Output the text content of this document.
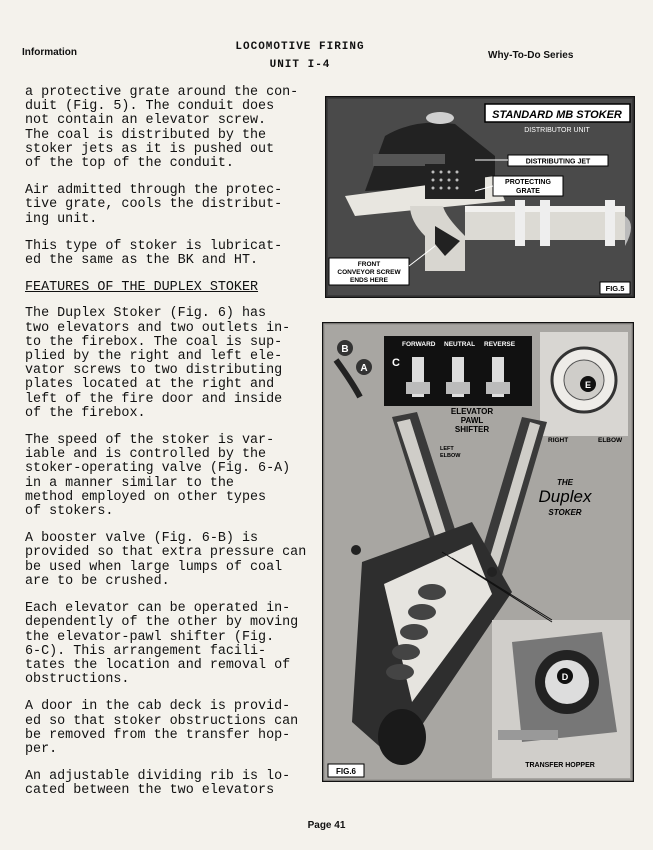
Information	LOCOMOTIVE FIRING
UNIT I-4
Why-To-Do Series

a protective grate around the con-
duit (Fig. 5). The conduit does
not contain an elevator screw.
The coal is distributed by the
stoker jets as it is pushed out
of the top of the conduit.

Air admitted through the protec-
tive grate, cools the distribut-
ing unit.

This type of stoker is lubricat-
ed the same as the BK and HT.

FEATURES OF THE DUPLEX STOKER

The Duplex Stoker (Fig. 6) has
two elevators and two outlets in-
to the firebox. The coal is sup-
plied by the right and left ele-
vator screws to two distributing
plates located at the right and
left of the fire door and inside
of the firebox.

The speed of the stoker is var-
iable and is controlled by the
stoker-operating valve (Fig. 6-A)
in a manner similar to the
method employed on other types
of stokers.

A booster valve (Fig. 6-B) is
provided so that extra pressure can
be used when large lumps of coal
are to be crushed.

Each elevator can be operated in-
dependently of the other by moving
the elevator-pawl shifter (Fig.
6-C). This arrangement facili-
tates the location and removal of
obstructions.

A door in the cab deck is provid-
ed so that stoker obstructions can
be removed from the transfer hop-
per.

An adjustable dividing rib is lo-
cated between the two elevators

STANDARD MB STOKER
DISTRIBUTOR UNIT
DISTRIBUTING JET
PROTECTING
GRATE
FRONT
CONVEYOR SCREW
ENDS HERE
FIG.5
B
A
FORWARD NEUTRAL REVERSE
C
E
RIGHT	ELBOW
ELEVATOR
PAWL
SHIFTER
LEFT
ELBOW
THE
Duplex
STOKER
D
TRANSFER HOPPER
FIG.6
Page 41
